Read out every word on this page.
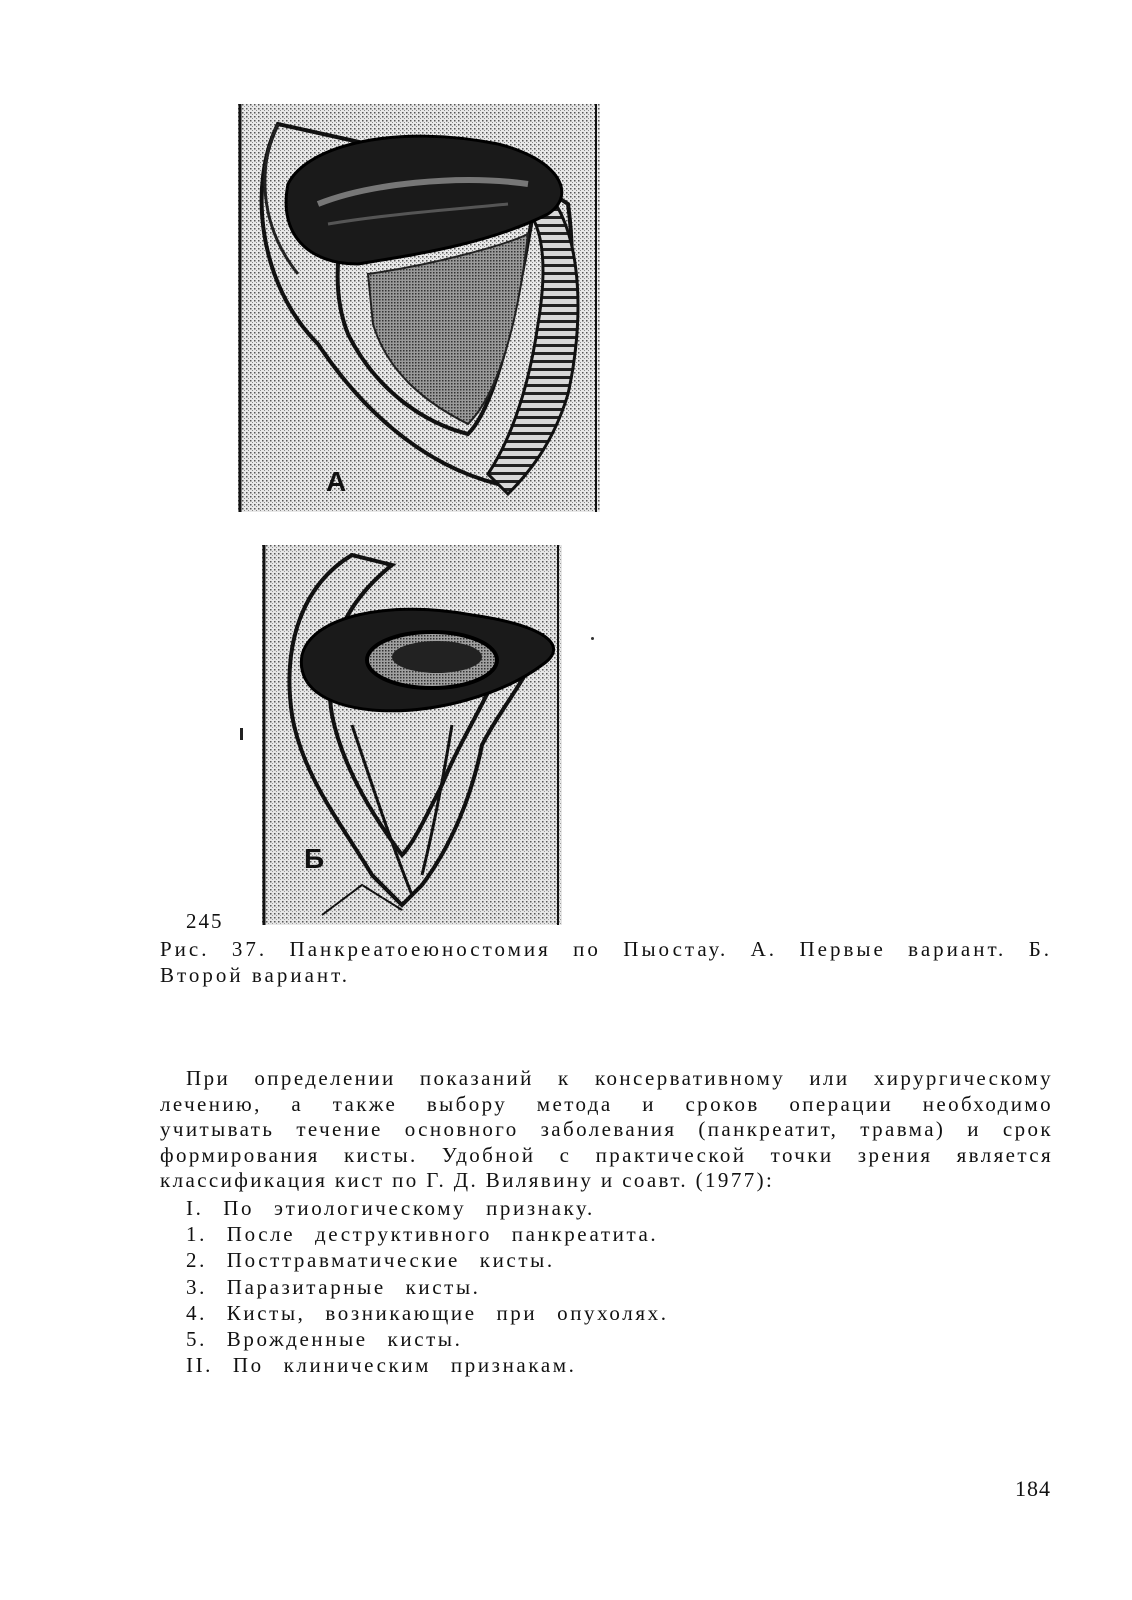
А
Б
245
Рис. 37. Панкреатоеюностомия по Пыостау. А. Первые вариант. Б.
Второй вариант.
При определении показаний к консервативному или хирургическому
лечению, а также выбору метода и сроков операции необходимо
учитывать течение основного заболевания (панкреатит, травма) и срок
формирования кисты. Удобной с практической точки зрения является
классификация кист по Г. Д. Вилявину и соавт. (1977):
I. По этиологическому признаку.
1. После деструктивного панкреатита.
2. Посттравматические кисты.
3. Паразитарные кисты.
4. Кисты, возникающие при опухолях.
5. Врожденные кисты.
II. По клиническим признакам.
184
